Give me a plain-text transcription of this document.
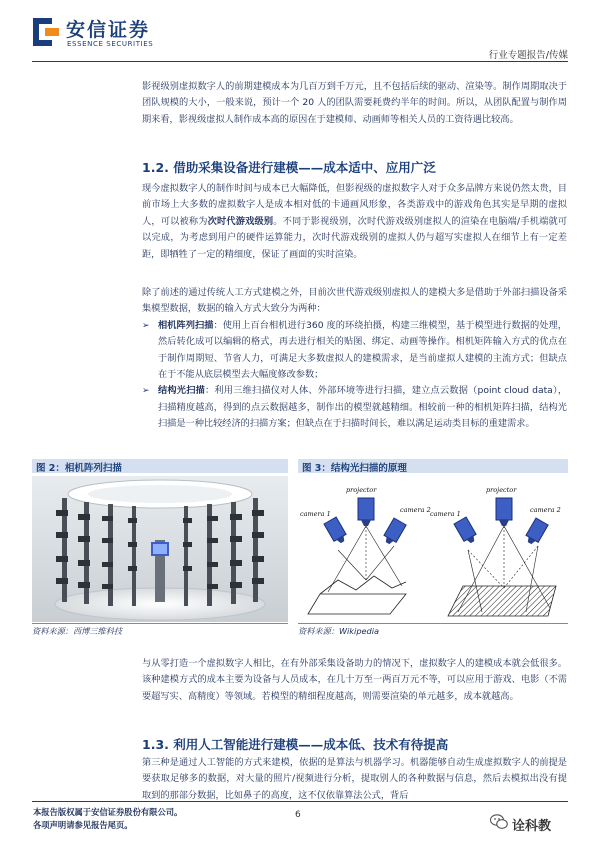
安信证券
ESSENCE SECURITIES
行业专题报告/传媒

影视级别虚拟数字人的前期建模成本为几百万到千万元，且不包括后续的驱动、渲染等。制作周期取决于团队规模的大小，一般来说，预计一个 20 人的团队需要耗费约半年的时间。所以，从团队配置与制作周期来看，影视级虚拟人制作成本高的原因在于建模师、动画师等相关人员的工资待遇比较高。

1.2. 借助采集设备进行建模——成本适中、应用广泛

现今虚拟数字人的制作时间与成本已大幅降低，但影视级的虚拟数字人对于众多品牌方来说仍然太贵，目前市场上大多数的虚拟数字人是成本相对低的卡通画风形象，各类游戏中的游戏角色其实是早期的虚拟人，可以被称为次时代游戏级别。不同于影视级别，次时代游戏级别虚拟人的渲染在电脑端/手机端就可以完成，为考虑到用户的硬件运算能力，次时代游戏级别的虚拟人仍与超写实虚拟人在细节上有一定差距，即牺牲了一定的精细度，保证了画面的实时渲染。

除了前述的通过传统人工方式建模之外，目前次世代游戏级别虚拟人的建模大多是借助于外部扫描设备采集模型数据，数据的输入方式大致分为两种：

➢ 相机阵列扫描：使用上百台相机进行360 度的环绕拍摄，构建三维模型，基于模型进行数据的处理，然后转化成可以编辑的格式，再去进行相关的贴图、绑定、动画等操作。相机矩阵输入方式的优点在于制作周期短、节省人力，可满足大多数虚拟人的建模需求，是当前虚拟人建模的主流方式；但缺点在于不能从底层模型去大幅度修改参数；
➢ 结构光扫描：利用三维扫描仪对人体、外部环境等进行扫描，建立点云数据（point cloud data），扫描精度越高，得到的点云数据越多，制作出的模型就越精细。相较前一种的相机矩阵扫描，结构光扫描是一种比较经济的扫描方案；但缺点在于扫描时间长，难以满足运动类目标的重建需求。
图 2：相机阵列扫描
资料来源：西博三维科技
图 3：结构光扫描的原理
projector
camera 1	camera 2
projector
camera 1	camera 2
资料来源：Wikipedia

与从零打造一个虚拟数字人相比，在有外部采集设备助力的情况下，虚拟数字人的建模成本就会低很多。该种建模方式的成本主要为设备与人员成本，在几十万至一两百万元不等，可以应用于游戏、电影（不需要超写实、高精度）等领域。若模型的精细程度越高，则需要渲染的单元越多，成本就越高。

1.3. 利用人工智能进行建模——成本低、技术有待提高

第三种是通过人工智能的方式来建模，依据的是算法与机器学习。机器能够自动生成虚拟数字人的前提是要获取足够多的数据，对大量的照片/视频进行分析，提取别人的各种数据与信息，然后去模拟出没有提取到的那部分数据，比如鼻子的高度，这不仅依靠算法公式，背后

本报告版权属于安信证券股份有限公司。
各项声明请参见报告尾页。
6
诠科教
